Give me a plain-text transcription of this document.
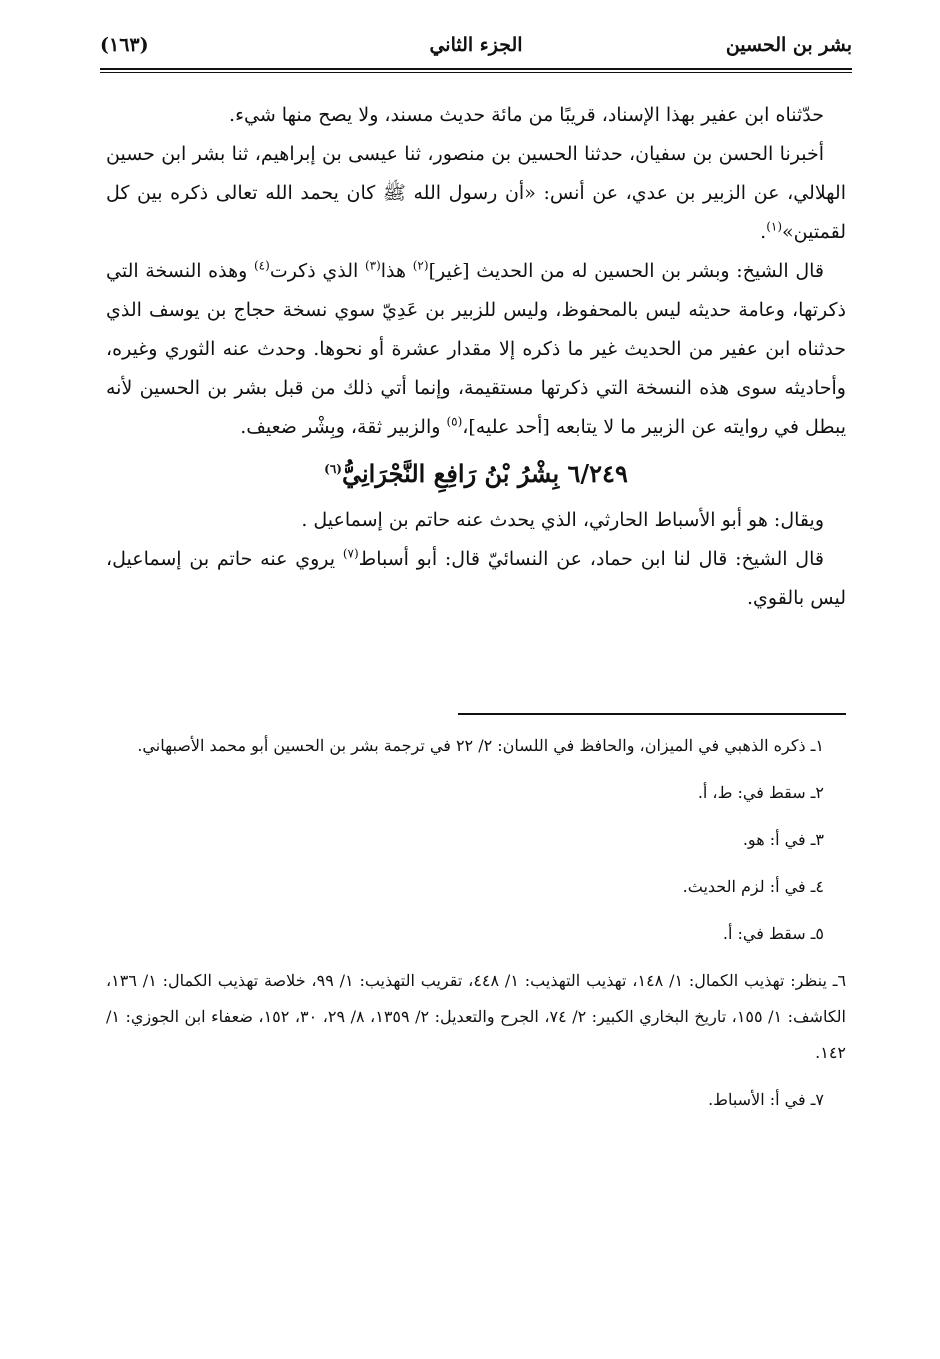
بشر بن الحسين
الجزء الثاني
(١٦٣)

حدّثناه ابن عفير بهذا الإسناد، قريبًا من مائة حديث مسند، ولا يصح منها شيء.

أخبرنا الحسن بن سفيان، حدثنا الحسين بن منصور، ثنا عيسى بن إبراهيم، ثنا بشر ابن حسين الهلالي، عن الزبير بن عدي، عن أنس: «أن رسول الله ﷺ كان يحمد الله تعالى ذكره بين كل لقمتين»$^{(١)}$.

قال الشيخ: وبشر بن الحسين له من الحديث [غير]$^{(٢)}$ هذا$^{(٣)}$ الذي ذكرت$^{(٤)}$ وهذه النسخة التي ذكرتها، وعامة حديثه ليس بالمحفوظ، وليس للزبير بن عَدِيّ سوي نسخة حجاج بن يوسف الذي حدثناه ابن عفير من الحديث غير ما ذكره إلا مقدار عشرة أو نحوها. وحدث عنه الثوري وغيره، وأحاديثه سوى هذه النسخة التي ذكرتها مستقيمة، وإنما أتي ذلك من قبل بشر بن الحسين لأنه يبطل في روايته عن الزبير ما لا يتابعه [أحد عليه]،$^{(٥)}$ والزبير ثقة، وبِشْر ضعيف.

٦/٢٤٩ بِشْرُ بْنُ رَافِعِ النَّجْرَانِيُّ$^{(٦)}$

ويقال: هو أبو الأسباط الحارثي، الذي يحدث عنه حاتم بن إسماعيل .

قال الشيخ: قال لنا ابن حماد، عن النسائيّ قال: أبو أسباط$^{(٧)}$ يروي عنه حاتم بن إسماعيل، ليس بالقوي.

١ـ ذكره الذهبي في الميزان، والحافظ في اللسان: ٢/ ٢٢ في ترجمة بشر بن الحسين أبو محمد الأصبهاني.

٢ـ سقط في: ط، أ.

٣ـ في أ: هو.

٤ـ في أ: لزم الحديث.

٥ـ سقط في: أ.

٦ـ ينظر: تهذيب الكمال: ١/ ١٤٨، تهذيب التهذيب: ١/ ٤٤٨، تقريب التهذيب: ١/ ٩٩، خلاصة تهذيب الكمال: ١/ ١٣٦، الكاشف: ١/ ١٥٥، تاريخ البخاري الكبير: ٢/ ٧٤، الجرح والتعديل: ٢/ ١٣٥٩، ٨/ ٢٩، ٣٠، ١٥٢، ضعفاء ابن الجوزي: ١/ ١٤٢.

٧ـ في أ: الأسباط.
